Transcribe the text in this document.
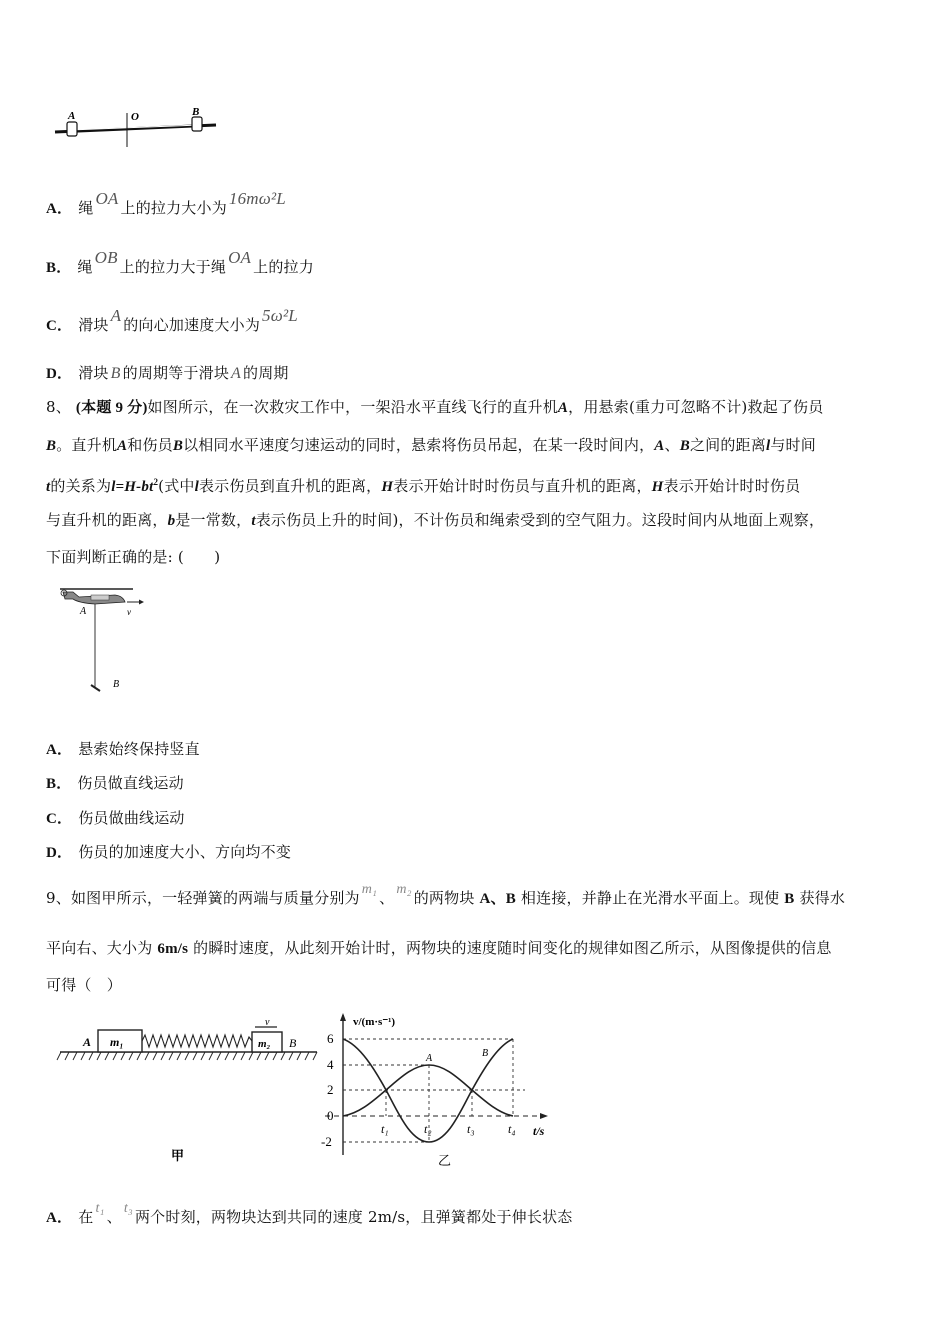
A	O	B
A． 绳 OA 上的拉力大小为 16mω²L
B． 绳 OB 上的拉力大于绳 OA 上的拉力
C． 滑块 A 的向心加速度大小为 5ω²L
D． 滑块 B 的周期等于滑块 A 的周期
8、 (本题 9 分)如图所示，在一次救灾工作中，一架沿水平直线飞行的直升机A，用悬索(重力可忽略不计)救起了伤员
B。直升机A和伤员B以相同水平速度匀速运动的同时，悬索将伤员吊起，在某一段时间内，A、B之间的距离l与时间
t的关系为$l=H-bt^2$(式中l表示伤员到直升机的距离，H表示开始计时时伤员与直升机的距离，H表示开始计时时伤员
与直升机的距离，b是一常数，t表示伤员上升的时间)，不计伤员和绳索受到的空气阻力。这段时间内从地面上观察，
下面判断正确的是: (　　)
A	v
B
A． 悬索始终保持竖直
B． 伤员做直线运动
C． 伤员做曲线运动
D． 伤员的加速度大小、方向均不变
9、如图甲所示，一轻弹簧的两端与质量分别为 m₁ 、 m₂ 的两物块 A、B 相连接，并静止在光滑水平面上。现使 B 获得水
平向右、大小为 6m/s 的瞬时速度，从此刻开始计时，两物块的速度随时间变化的规律如图乙所示，从图像提供的信息
可得（　）
A m₁	m₂ B
v
甲
v/(m·s⁻¹)
6
4
2
0
-2
t₁	t₂	t₃	t₄ t/s
A	B
乙
A． 在 t₁ 、 t₃ 两个时刻，两物块达到共同的速度 2m/s，且弹簧都处于伸长状态
